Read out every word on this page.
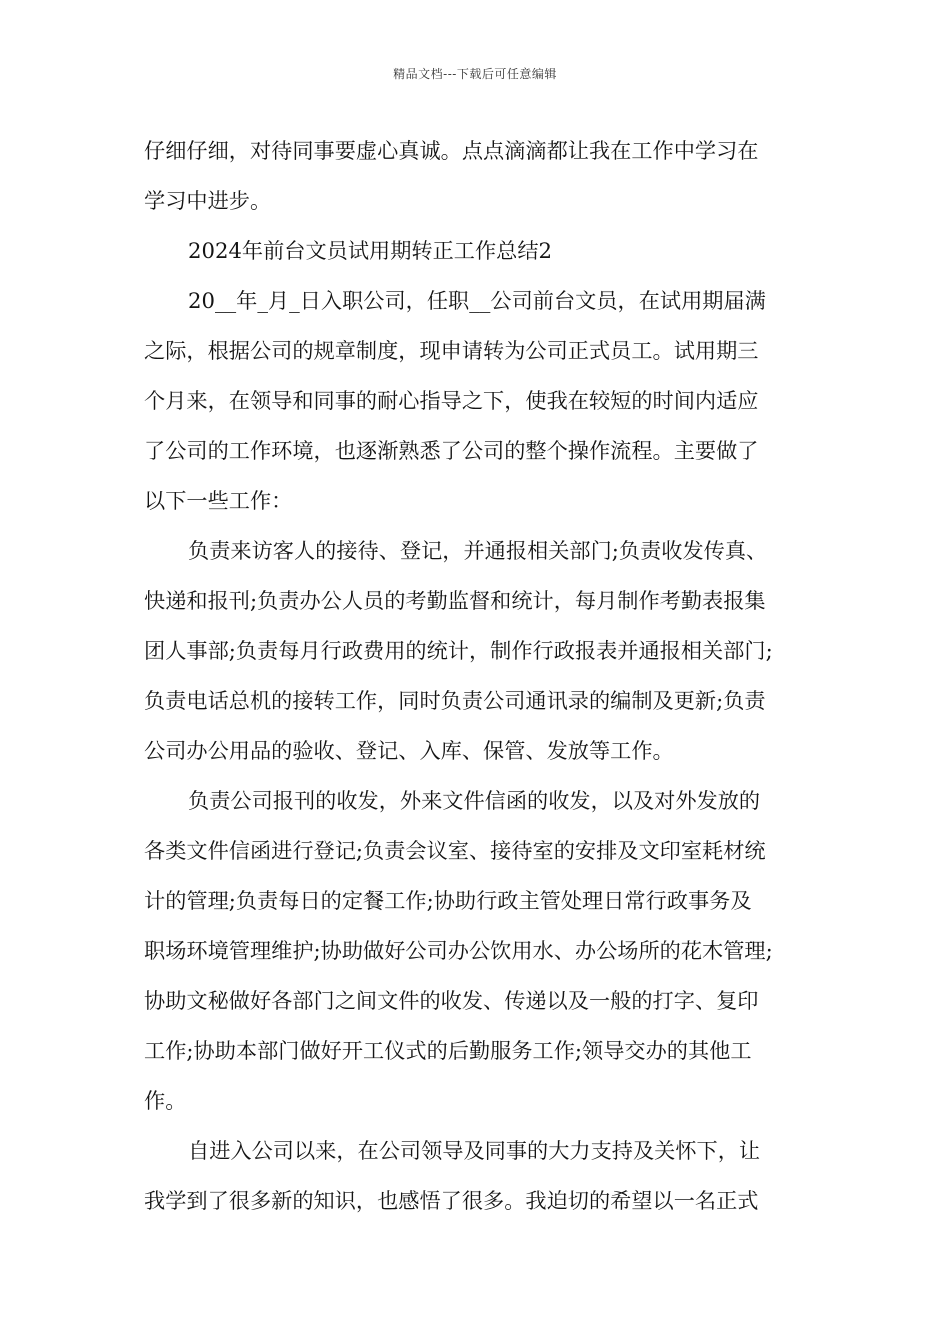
精品文档---下载后可任意编辑
仔细仔细，对待同事要虚心真诚。点点滴滴都让我在工作中学习在
学习中进步。
2024年前台文员试用期转正工作总结2
20__年_月_日入职公司，任职__公司前台文员，在试用期届满
之际，根据公司的规章制度，现申请转为公司正式员工。试用期三
个月来，在领导和同事的耐心指导之下，使我在较短的时间内适应
了公司的工作环境，也逐渐熟悉了公司的整个操作流程。主要做了
以下一些工作：
负责来访客人的接待、登记，并通报相关部门;负责收发传真、
快递和报刊;负责办公人员的考勤监督和统计，每月制作考勤表报集
团人事部;负责每月行政费用的统计，制作行政报表并通报相关部门;
负责电话总机的接转工作，同时负责公司通讯录的编制及更新;负责
公司办公用品的验收、登记、入库、保管、发放等工作。
负责公司报刊的收发，外来文件信函的收发，以及对外发放的
各类文件信函进行登记;负责会议室、接待室的安排及文印室耗材统
计的管理;负责每日的定餐工作;协助行政主管处理日常行政事务及
职场环境管理维护;协助做好公司办公饮用水、办公场所的花木管理;
协助文秘做好各部门之间文件的收发、传递以及一般的打字、复印
工作;协助本部门做好开工仪式的后勤服务工作;领导交办的其他工
作。
自进入公司以来，在公司领导及同事的大力支持及关怀下，让
我学到了很多新的知识，也感悟了很多。我迫切的希望以一名正式
